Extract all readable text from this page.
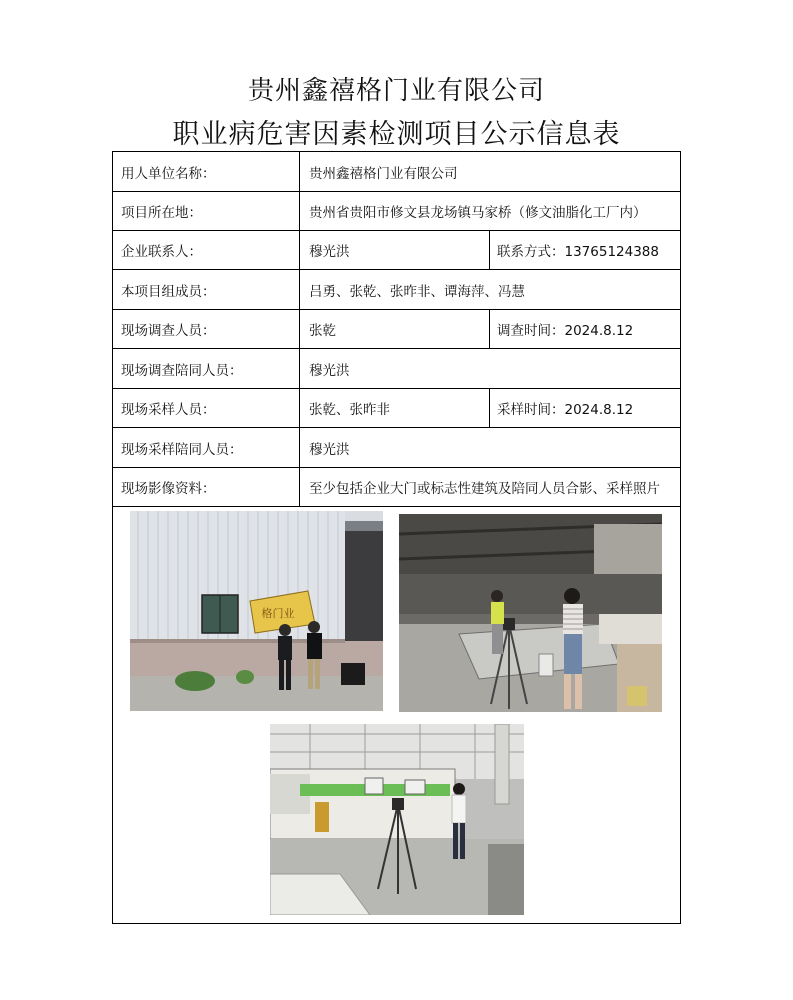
贵州鑫禧格门业有限公司
职业病危害因素检测项目公示信息表
用人单位名称：	贵州鑫禧格门业有限公司
项目所在地：	贵州省贵阳市修文县龙场镇马家桥（修文油脂化工厂内）
企业联系人：	穆光洪	联系方式：13765124388
本项目组成员：	吕勇、张乾、张昨非、谭海萍、冯慧
现场调查人员：	张乾	调查时间：2024.8.12
现场调查陪同人员：	穆光洪
现场采样人员：	张乾、张昨非	采样时间：2024.8.12
现场采样陪同人员：	穆光洪
现场影像资料：	至少包括企业大门或标志性建筑及陪同人员合影、采样照片
格门业
